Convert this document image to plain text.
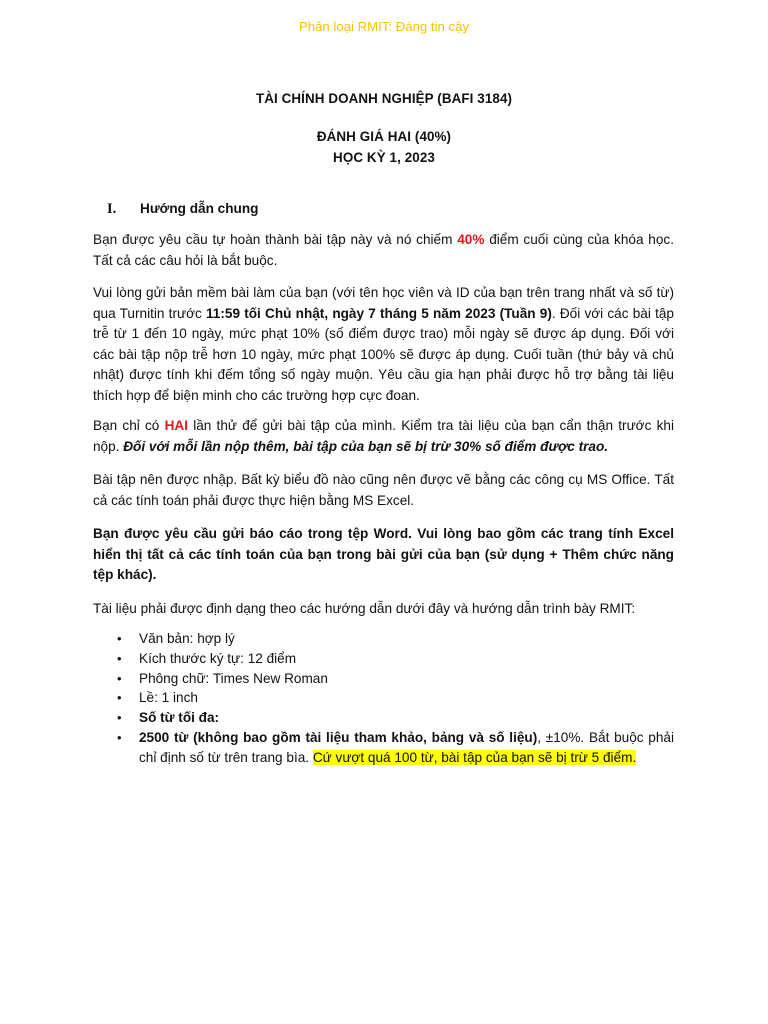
Phân loại RMIT: Đáng tin cậy
TÀI CHÍNH DOANH NGHIỆP (BAFI 3184)
ĐÁNH GIÁ HAI (40%)
HỌC KỲ 1, 2023
I. Hướng dẫn chung

Bạn được yêu cầu tự hoàn thành bài tập này và nó chiếm 40% điểm cuối cùng của khóa học. Tất cả các câu hỏi là bắt buộc.

Vui lòng gửi bản mềm bài làm của bạn (với tên học viên và ID của bạn trên trang nhất và số từ) qua Turnitin trước 11:59 tối Chủ nhật, ngày 7 tháng 5 năm 2023 (Tuần 9). Đối với các bài tập trễ từ 1 đến 10 ngày, mức phạt 10% (số điểm được trao) mỗi ngày sẽ được áp dụng. Đối với các bài tập nộp trễ hơn 10 ngày, mức phạt 100% sẽ được áp dụng. Cuối tuần (thứ bảy và chủ nhật) được tính khi đếm tổng số ngày muộn. Yêu cầu gia hạn phải được hỗ trợ bằng tài liệu thích hợp để biện minh cho các trường hợp cực đoan.

Bạn chỉ có HAI lần thử để gửi bài tập của mình. Kiểm tra tài liệu của bạn cẩn thận trước khi nộp. Đối với mỗi lần nộp thêm, bài tập của bạn sẽ bị trừ 30% số điểm được trao.

Bài tập nên được nhập. Bất kỳ biểu đồ nào cũng nên được vẽ bằng các công cụ MS Office. Tất cả các tính toán phải được thực hiện bằng MS Excel.

Bạn được yêu cầu gửi báo cáo trong tệp Word. Vui lòng bao gồm các trang tính Excel hiển thị tất cả các tính toán của bạn trong bài gửi của bạn (sử dụng + Thêm chức năng tệp khác).

Tài liệu phải được định dạng theo các hướng dẫn dưới đây và hướng dẫn trình bày RMIT:

• Văn bản: hợp lý
• Kích thước ký tự: 12 điểm
• Phông chữ: Times New Roman
• Lề: 1 inch
• Số từ tối đa:
• 2500 từ (không bao gồm tài liệu tham khảo, bảng và số liệu), ±10%. Bắt buộc phải chỉ định số từ trên trang bìa. Cứ vượt quá 100 từ, bài tập của bạn sẽ bị trừ 5 điểm.
